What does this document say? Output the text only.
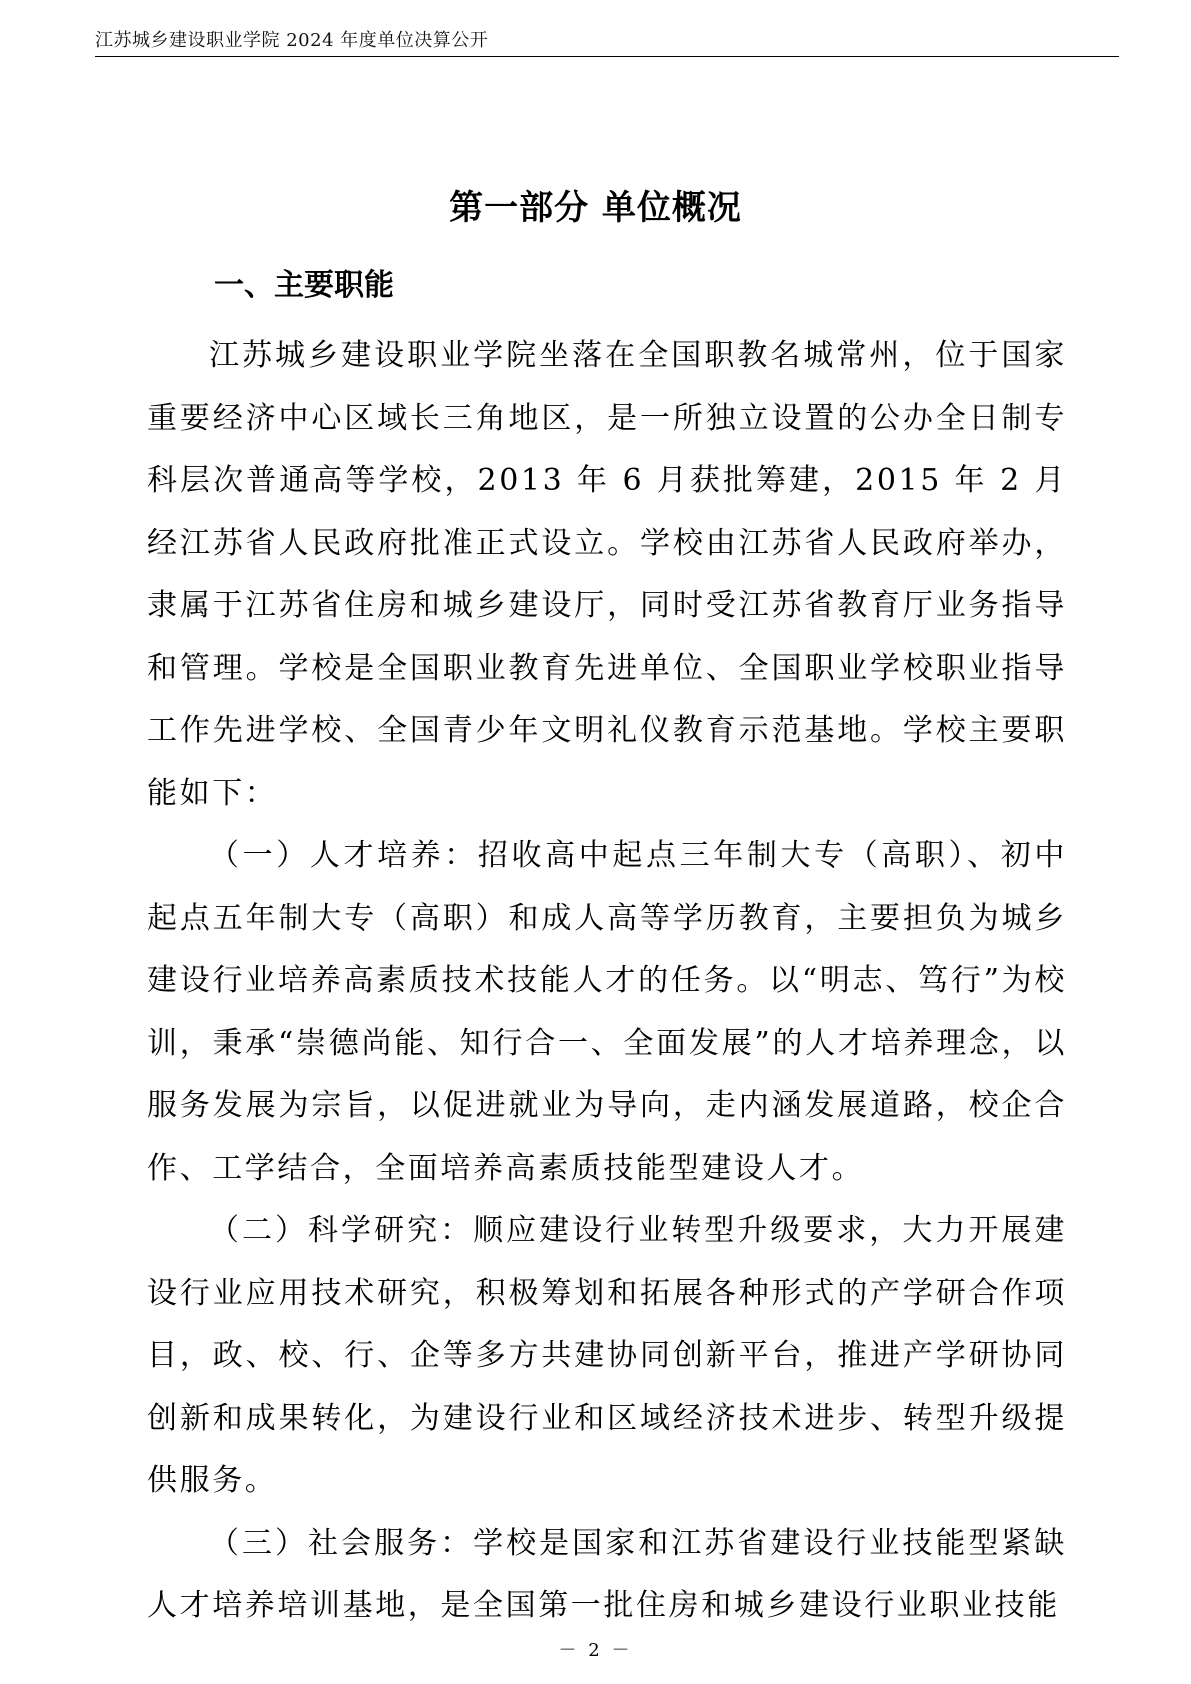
江苏城乡建设职业学院 2024 年度单位决算公开
第一部分 单位概况
一、主要职能

江苏城乡建设职业学院坐落在全国职教名城常州，位于国家重要经济中心区域长三角地区，是一所独立设置的公办全日制专科层次普通高等学校，2013 年 6 月获批筹建，2015 年 2 月经江苏省人民政府批准正式设立。学校由江苏省人民政府举办，隶属于江苏省住房和城乡建设厅，同时受江苏省教育厅业务指导和管理。学校是全国职业教育先进单位、全国职业学校职业指导工作先进学校、全国青少年文明礼仪教育示范基地。学校主要职能如下：

（一）人才培养：招收高中起点三年制大专（高职）、初中起点五年制大专（高职）和成人高等学历教育，主要担负为城乡建设行业培养高素质技术技能人才的任务。以“明志、笃行”为校训，秉承“崇德尚能、知行合一、全面发展”的人才培养理念，以服务发展为宗旨，以促进就业为导向，走内涵发展道路，校企合作、工学结合，全面培养高素质技能型建设人才。

（二）科学研究：顺应建设行业转型升级要求，大力开展建设行业应用技术研究，积极筹划和拓展各种形式的产学研合作项目，政、校、行、企等多方共建协同创新平台，推进产学研协同创新和成果转化，为建设行业和区域经济技术进步、转型升级提供服务。

（三）社会服务：学校是国家和江苏省建设行业技能型紧缺人才培养培训基地，是全国第一批住房和城乡建设行业职业技能

－ 2 －
